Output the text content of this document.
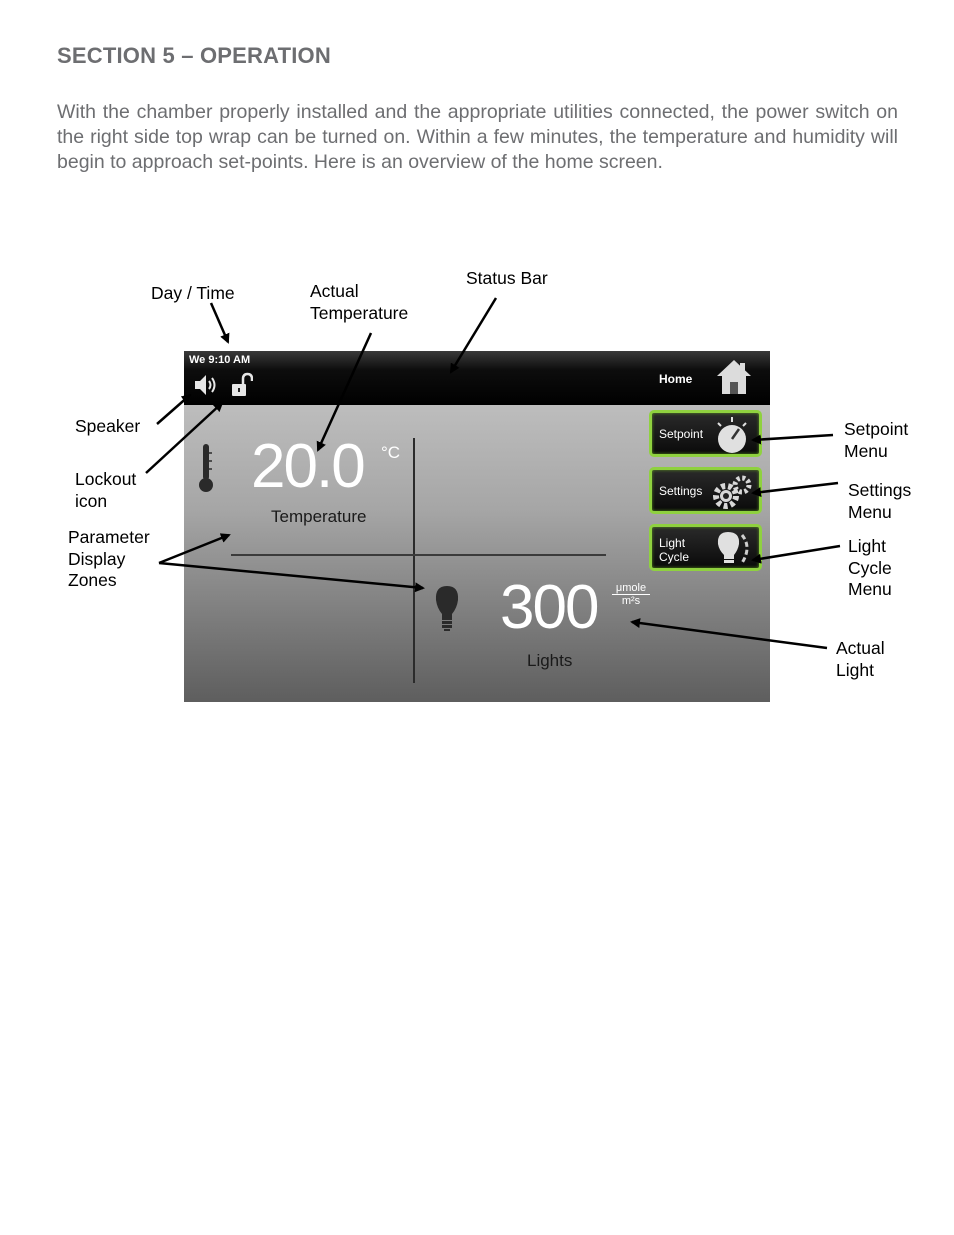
SECTION 5 – OPERATION
With the chamber properly installed and the appropriate utilities connected, the power switch on the right side top wrap can be turned on. Within a few minutes, the temperature and humidity will begin to approach set-points. Here is an overview of the home screen.
Day / Time	Actual
Temperature
Status Bar
Speaker
Lockout
icon
Parameter
Display
Zones
Setpoint
Menu
Settings
Menu
Light
Cycle
Menu
Actual
Light
We 9:10 AM
Home
20.0 °C
Temperature
300	μmole
m²s
Lights
Setpoint
Settings
Light
Cycle
